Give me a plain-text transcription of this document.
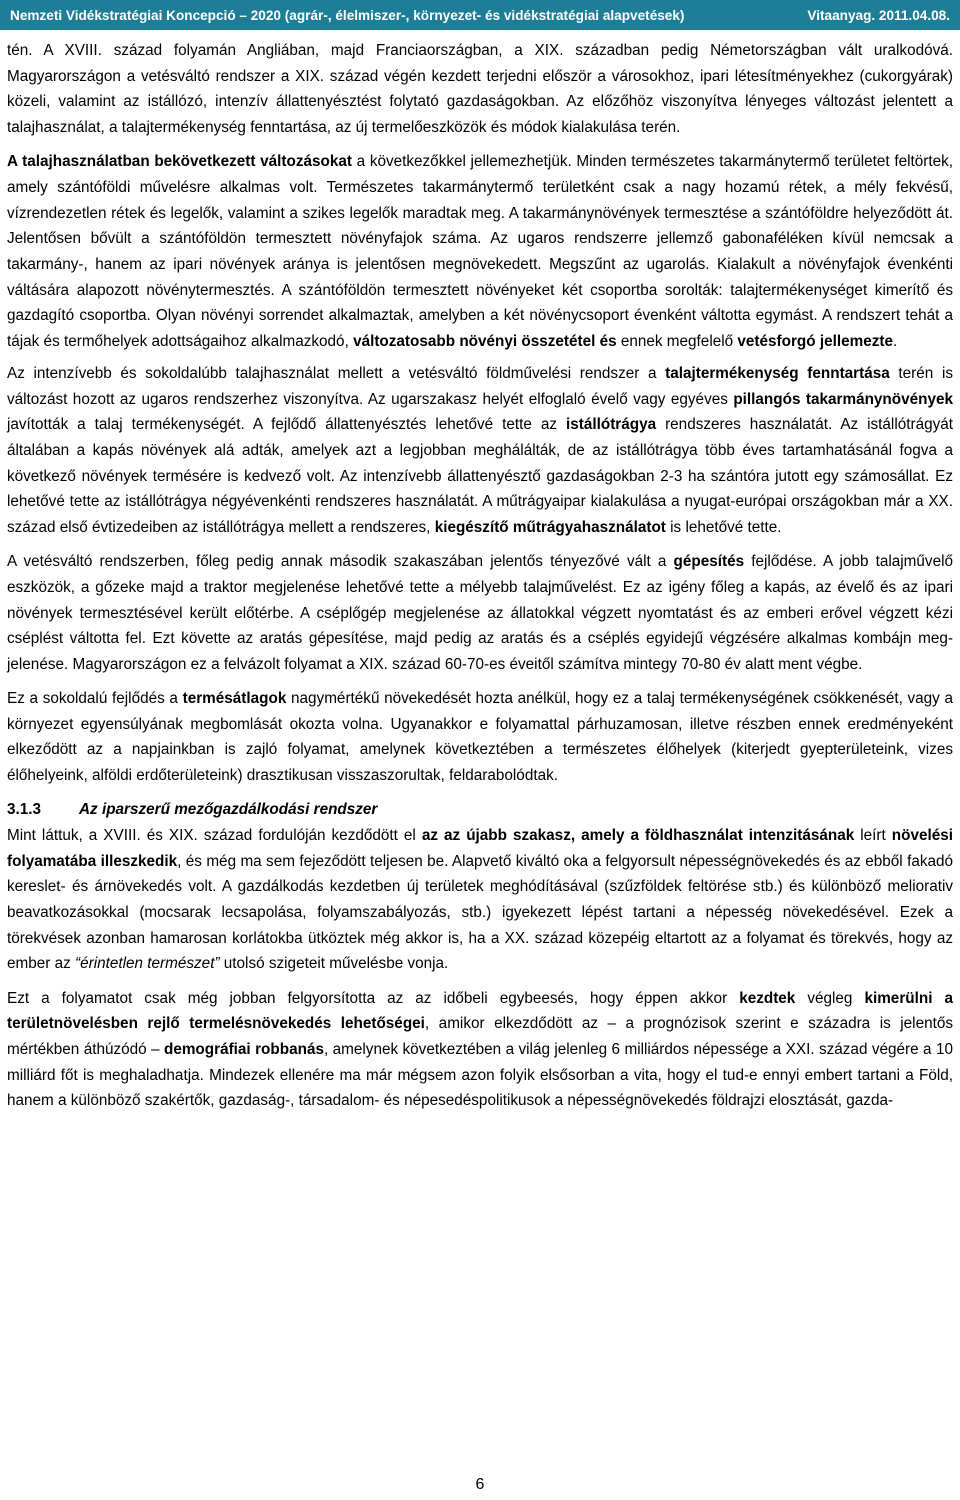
Nemzeti Vidékstratégiai Koncepció – 2020 (agrár-, élelmiszer-, környezet- és vidékstratégiai alapvetések)	Vitaanyag. 2011.04.08.

tén. A XVIII. század folyamán Angliában, majd Franciaországban, a XIX. században pedig Németországban vált uralkodóvá. Magyarországon a vetésváltó rendszer a XIX. század végén kezdett terjedni először a városokhoz, ipari létesítményekhez (cukorgyárak) közeli, valamint az istállózó, intenzív állattenyésztést folytató gazdaságokban. Az előzőhöz viszonyítva lényeges változást jelentett a talajhasználat, a talajtermékenység fenntartása, az új termelőeszközök és módok kialakulása terén.

A talajhasználatban bekövetkezett változásokat a következőkkel jellemezhetjük. Minden természetes takarmánytermő területet feltörtek, amely szántóföldi művelésre alkalmas volt. Természetes takarmánytermő területként csak a nagy hozamú rétek, a mély fekvésű, vízrendezetlen rétek és legelők, valamint a szikes legelők maradtak meg. A takarmánynövények termesztése a szántóföldre helyeződött át. Jelentősen bővült a szántóföldön termesztett növényfajok száma. Az ugaros rendszerre jellemző gabonaféléken kívül nemcsak a takarmány-, hanem az ipari növények aránya is jelentősen megnövekedett. Megszűnt az ugarolás. Kialakult a növényfajok évenkénti váltására alapozott növénytermesztés. A szántóföldön termesztett növényeket két csoportba sorolták: talajtermékenységet kimerítő és gazdagító csoportba. Olyan növényi sorrendet alkalmaztak, amelyben a két növénycsoport évenként váltotta egymást. A rendszert tehát a tájak és termőhelyek adottságaihoz alkalmazkodó, változatosabb növényi összetétel és ennek megfelelő vetésforgó jellemezte.

Az intenzívebb és sokoldalúbb talajhasználat mellett a vetésváltó földművelési rendszer a talajtermékenység fenntartása terén is változást hozott az ugaros rendszerhez viszonyítva. Az ugarszakasz helyét elfoglaló évelő vagy egyéves pillangós takarmánynövények javították a talaj termékenységét. A fejlődő állattenyésztés lehetővé tette az istállótrágya rendszeres használatát. Az istállótrágyát általában a kapás növények alá adták, amelyek azt a legjobban meghálálták, de az istállótrágya több éves tartamhatásánál fogva a következő növények termésére is kedvező volt. Az intenzívebb állattenyésztő gazdaságokban 2-3 ha szántóra jutott egy számosállat. Ez lehetővé tette az istállótrágya négyévenkénti rendszeres használatát. A műtrágyaipar kialakulása a nyugat-európai országokban már a XX. század első évtizedeiben az istállótrágya mellett a rendszeres, kiegészítő műtrágyahasználatot is lehetővé tette.

A vetésváltó rendszerben, főleg pedig annak második szakaszában jelentős tényezővé vált a gépesítés fejlődése. A jobb talajművelő eszközök, a gőzeke majd a traktor megjelenése lehetővé tette a mélyebb talajművelést. Ez az igény főleg a kapás, az évelő és az ipari növények termesztésével került előtérbe. A cséplőgép megjelenése az állatokkal végzett nyomtatást és az emberi erővel végzett kézi cséplést váltotta fel. Ezt követte az aratás gépesítése, majd pedig az aratás és a cséplés egyidejű végzésére alkalmas kombájn megjelenése. Magyarországon ez a felvázolt folyamat a XIX. század 60-70-es éveitől számítva mintegy 70-80 év alatt ment végbe.

Ez a sokoldalú fejlődés a termésátlagok nagymértékű növekedését hozta anélkül, hogy ez a talaj termékenységének csökkenését, vagy a környezet egyensúlyának megbomlását okozta volna. Ugyanakkor e folyamattal párhuzamosan, illetve részben ennek eredményeként elkeződött az a napjainkban is zajló folyamat, amelynek következtében a természetes élőhelyek (kiterjedt gyepterületeink, vizes élőhelyeink, alföldi erdőterületeink) drasztikusan visszaszorultak, feldarabolódtak.

3.1.3	Az iparszerű mezőgazdálkodási rendszer

Mint láttuk, a XVIII. és XIX. század fordulóján kezdődött el az az újabb szakasz, amely a földhasználat intenzitásának leírt növelési folyamatába illeszkedik, és még ma sem fejeződött teljesen be. Alapvető kiváltó oka a felgyorsult népességnövekedés és az ebből fakadó kereslet- és árnövekedés volt. A gazdálkodás kezdetben új területek meghódításával (szűzföldek feltörése stb.) és különböző meliorativ beavatkozásokkal (mocsarak lecsapolása, folyamszabályozás, stb.) igyekezett lépést tartani a népesség növekedésével. Ezek a törekvések azonban hamarosan korlátokba ütköztek még akkor is, ha a XX. század közepéig eltartott az a folyamat és törekvés, hogy az ember az “érintetlen természet” utolsó szigeteit művelésbe vonja.

Ezt a folyamatot csak még jobban felgyorsította az az időbeli egybeesés, hogy éppen akkor kezdtek végleg kimerülni a területnövelésben rejlő termelésnövekedés lehetőségei, amikor elkezdődött az – a prognózisok szerint e századra is jelentős mértékben áthúzódó – demográfiai robbanás, amelynek következtében a világ jelenleg 6 milliárdos népessége a XXI. század végére a 10 milliárd főt is meghaladhatja. Mindezek ellenére ma már mégsem azon folyik elsősorban a vita, hogy el tud-e ennyi embert tartani a Föld, hanem a különböző szakértők, gazdaság-, társadalom- és népesedéspolitikusok a népességnövekedés földrajzi elosztását, gazda-

6
